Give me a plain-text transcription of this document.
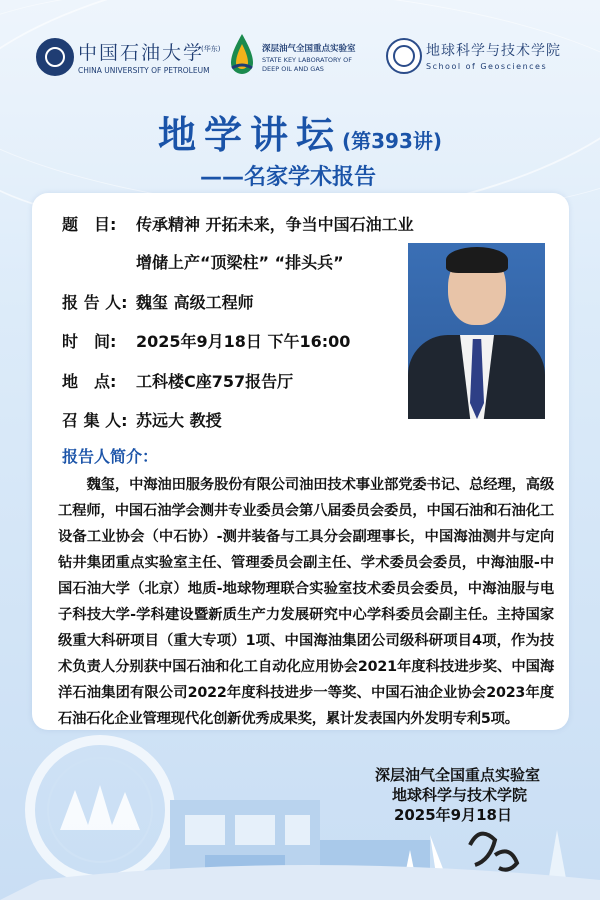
中国石油大学
(华东)
CHINA UNIVERSITY OF PETROLEUM
深层油气全国重点实验室
STATE KEY LABORATORY OF
DEEP OIL AND GAS
地球科学与技术学院
School of Geosciences
地学讲坛(第393讲)
——名家学术报告
题　目:	传承精神 开拓未来，争当中国石油工业
增储上产“顶梁柱” “排头兵”
报 告 人: 魏玺 高级工程师
时　间:	2025年9月18日 下午16:00
地　点:	工科楼C座757报告厅
召 集 人: 苏远大 教授
报告人简介：
魏玺，中海油田服务股份有限公司油田技术事业部党委书记、总经理，高级工程师，中国石油学会测井专业委员会第八届委员会委员，中国石油和石油化工设备工业协会（中石协）-测井装备与工具分会副理事长，中国海油测井与定向钻井集团重点实验室主任、管理委员会副主任、学术委员会委员，中海油服-中国石油大学（北京）地质-地球物理联合实验室技术委员会委员，中海油服与电子科技大学-学科建设暨新质生产力发展研究中心学科委员会副主任。主持国家级重大科研项目（重大专项）1项、中国海油集团公司级科研项目4项，作为技术负责人分别获中国石油和化工自动化应用协会2021年度科技进步奖、中国海洋石油集团有限公司2022年度科技进步一等奖、中国石油企业协会2023年度石油石化企业管理现代化创新优秀成果奖，累计发表国内外发明专利5项。
深层油气全国重点实验室
地球科学与技术学院
2025年9月18日
